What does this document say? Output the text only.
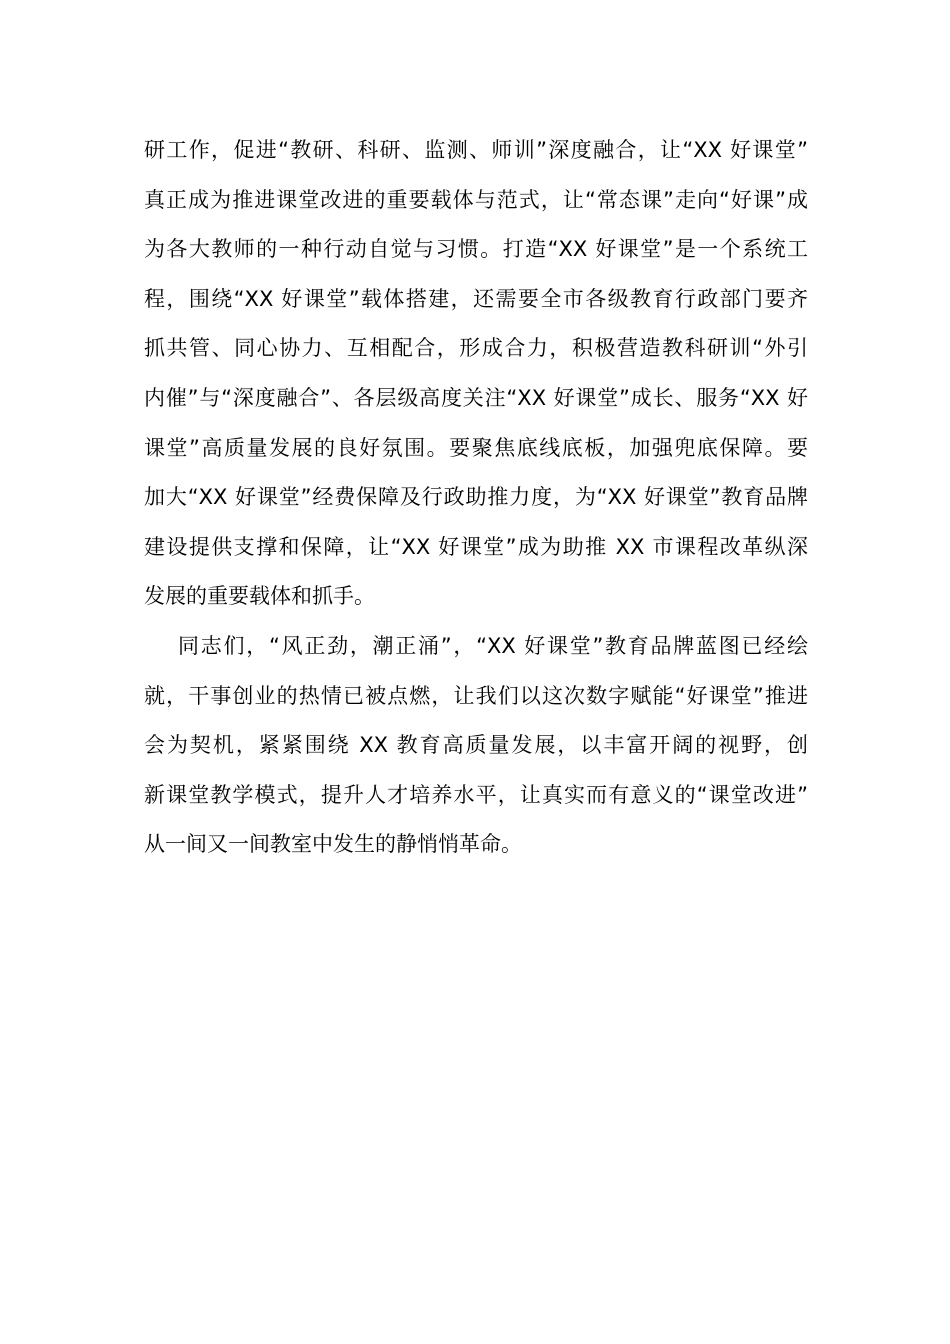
研工作，促进“教研、科研、监测、师训”深度融合，让“XX 好课堂”
真正成为推进课堂改进的重要载体与范式，让“常态课”走向“好课”成
为各大教师的一种行动自觉与习惯。打造“XX 好课堂”是一个系统工
程，围绕“XX 好课堂”载体搭建，还需要全市各级教育行政部门要齐
抓共管、同心协力、互相配合，形成合力，积极营造教科研训“外引
内催”与“深度融合”、各层级高度关注“XX 好课堂”成长、服务“XX 好
课堂”高质量发展的良好氛围。要聚焦底线底板，加强兜底保障。要
加大“XX 好课堂”经费保障及行政助推力度，为“XX 好课堂”教育品牌
建设提供支撑和保障，让“XX 好课堂”成为助推 XX 市课程改革纵深
发展的重要载体和抓手。
同志们，“风正劲，潮正涌”，“XX 好课堂”教育品牌蓝图已经绘
就，干事创业的热情已被点燃，让我们以这次数字赋能“好课堂”推进
会为契机，紧紧围绕 XX 教育高质量发展，以丰富开阔的视野，创
新课堂教学模式，提升人才培养水平，让真实而有意义的“课堂改进”
从一间又一间教室中发生的静悄悄革命。
